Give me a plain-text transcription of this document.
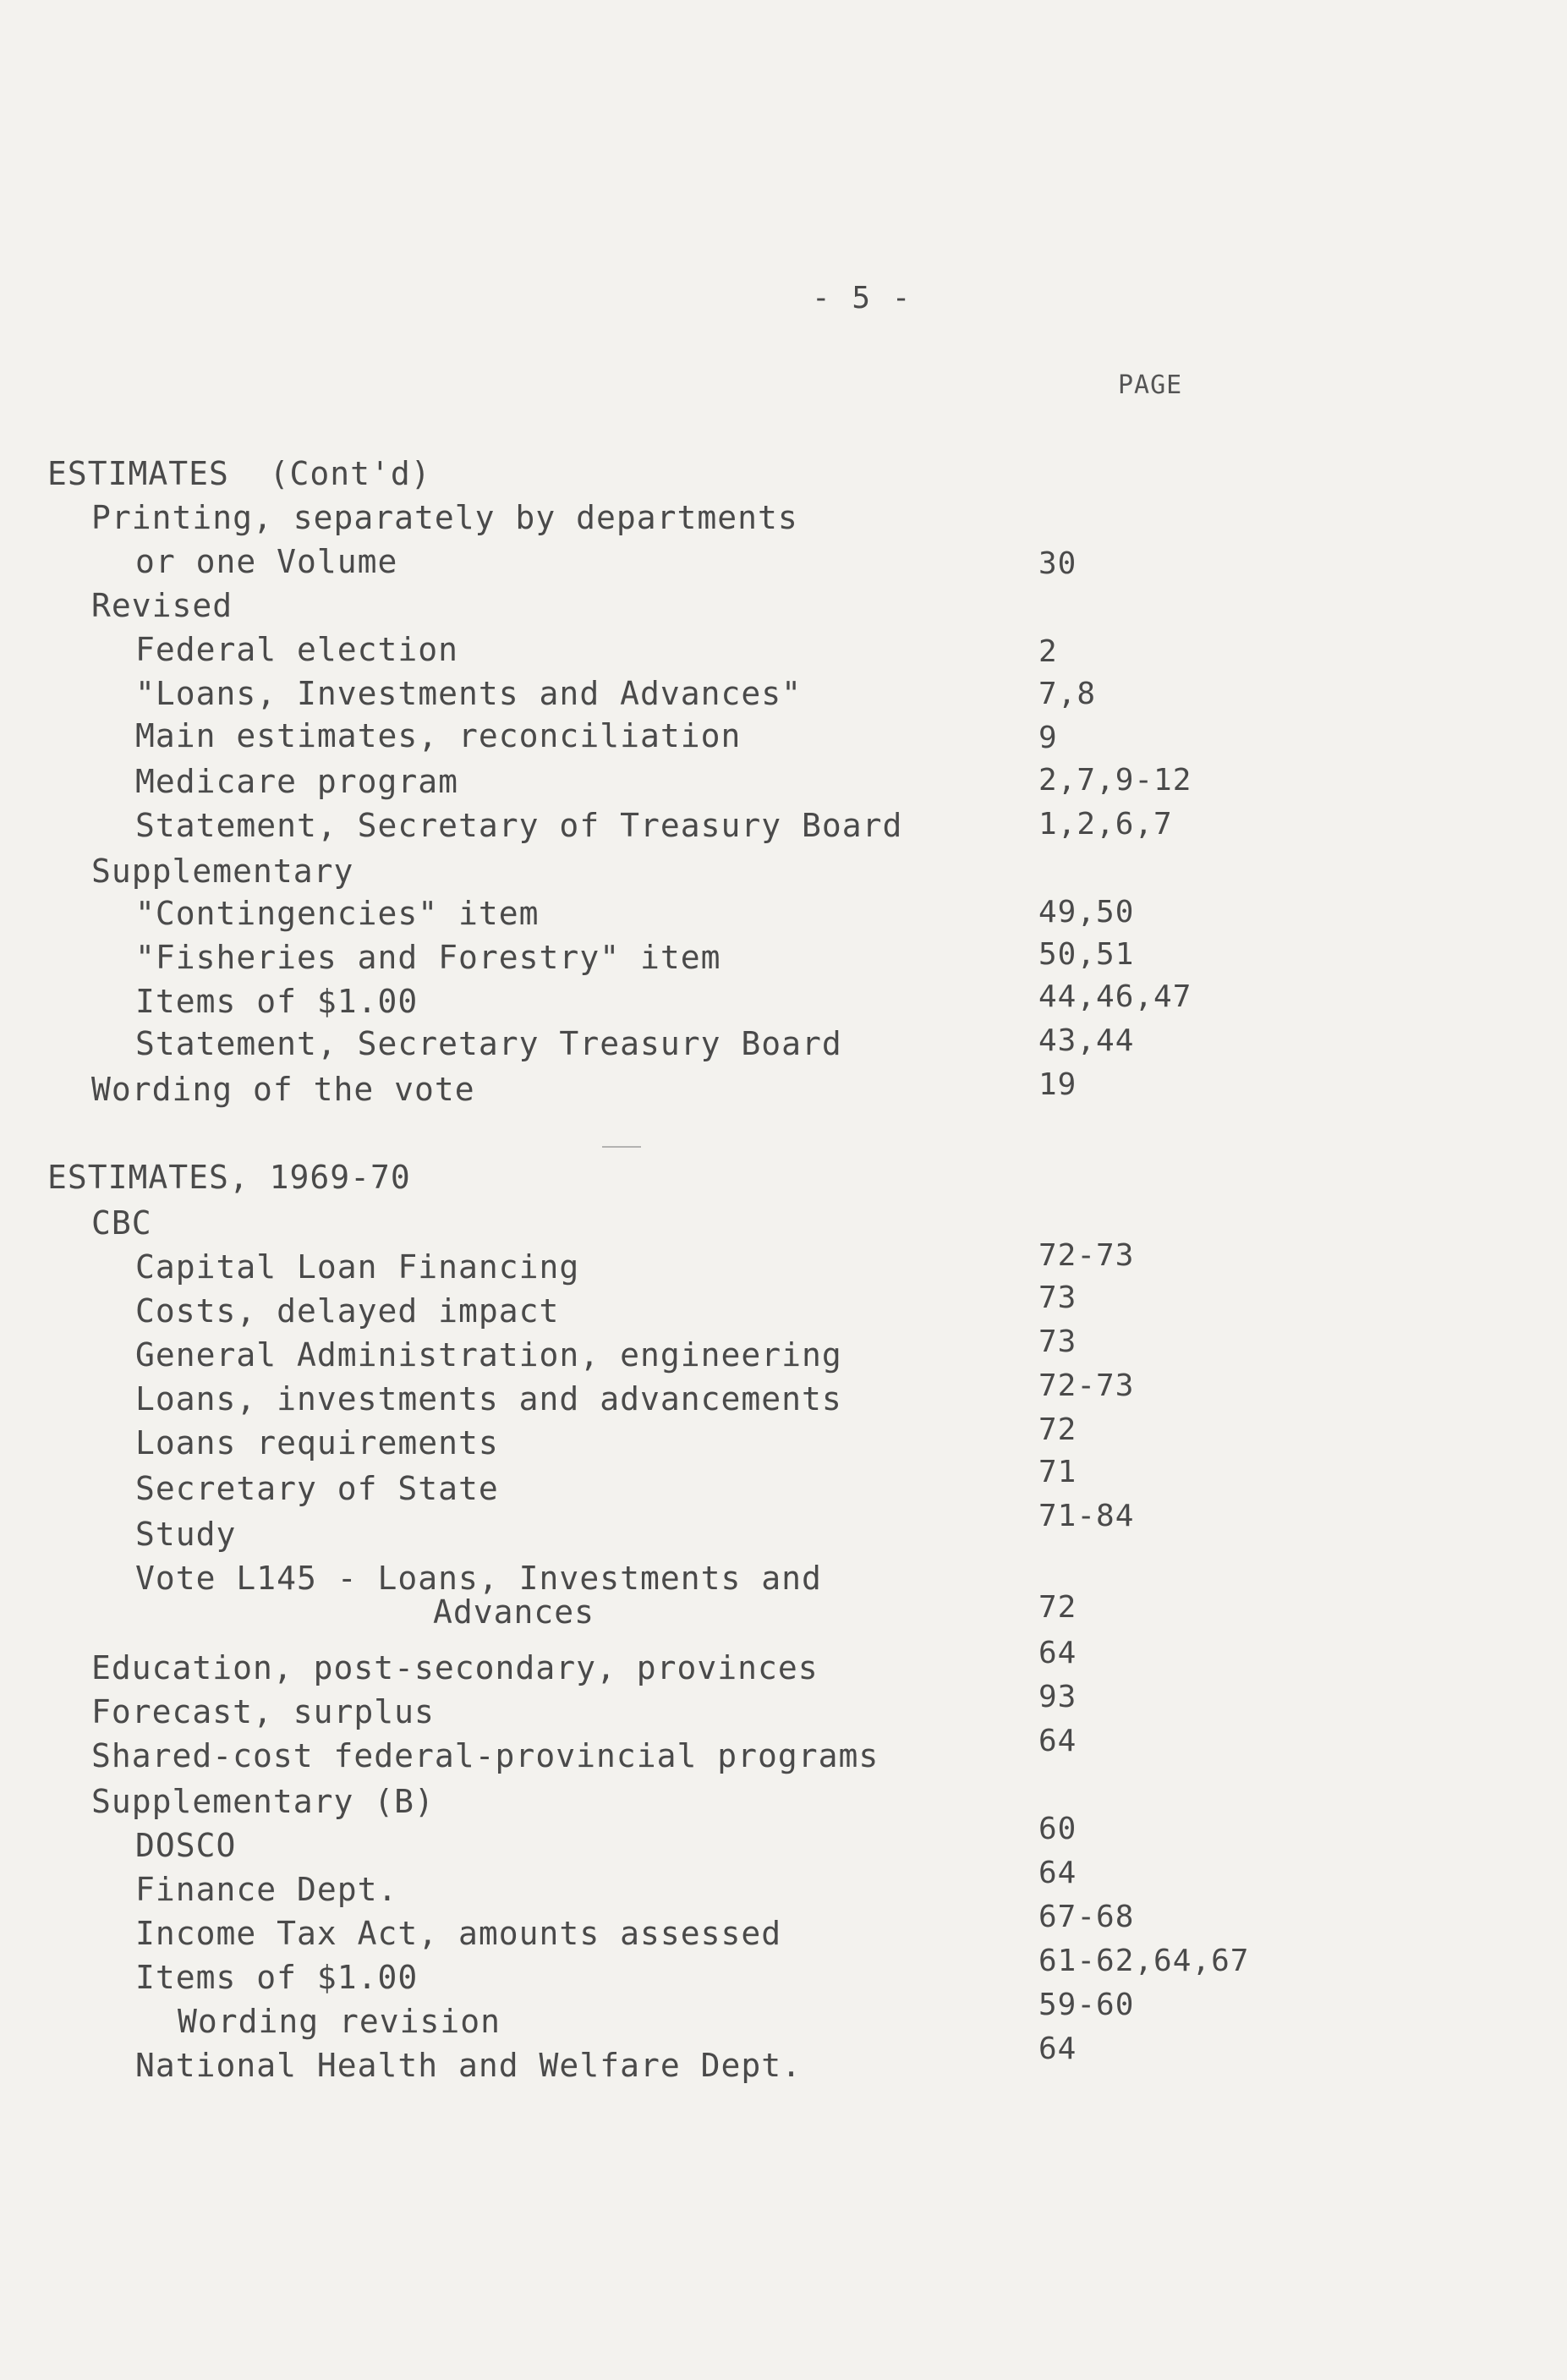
- 5 -
PAGE
ESTIMATES  (Cont'd)
Printing, separately by departments
or one Volume	30
Revised
Federal election	2
"Loans, Investments and Advances"	7,8
Main estimates, reconciliation	9
Medicare program	2,7,9-12
Statement, Secretary of Treasury Board	1,2,6,7
Supplementary
"Contingencies" item	49,50
"Fisheries and Forestry" item	50,51
Items of $1.00	44,46,47
Statement, Secretary Treasury Board	43,44
Wording of the vote	19
ESTIMATES, 1969-70
CBC
Capital Loan Financing	72-73
Costs, delayed impact	73
General Administration, engineering	73
Loans, investments and advancements	72-73
Loans requirements	72
Secretary of State	71
Study	71-84
Vote L145 - Loans, Investments and
Advances	72
Education, post-secondary, provinces	64
Forecast, surplus	93
Shared-cost federal-provincial programs	64
Supplementary (B)
DOSCO	60
Finance Dept.	64
Income Tax Act, amounts assessed	67-68
Items of $1.00	61-62,64,67
Wording revision	59-60
National Health and Welfare Dept.	64
